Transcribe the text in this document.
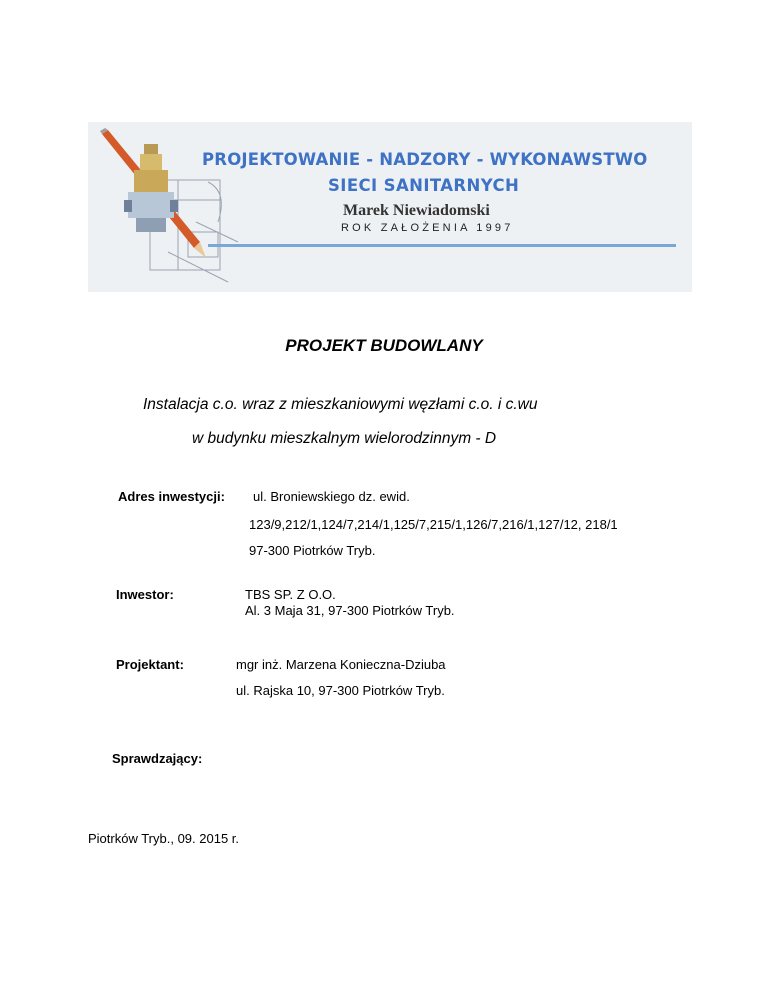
PROJEKTOWANIE - NADZORY - WYKONAWSTWO
SIECI SANITARNYCH
Marek Niewiadomski
ROK ZAŁOŻENIA 1997
PROJEKT BUDOWLANY
Instalacja c.o. wraz z mieszkaniowymi węzłami c.o. i c.wu
w budynku mieszkalnym wielorodzinnym - D
Adres inwestycji: ul. Broniewskiego dz. ewid.
123/9,212/1,124/7,214/1,125/7,215/1,126/7,216/1,127/12, 218/1
97-300 Piotrków Tryb.
Inwestor:	TBS SP. Z O.O.
Al. 3 Maja 31, 97-300 Piotrków Tryb.
Projektant:	mgr inż. Marzena Konieczna-Dziuba
ul. Rajska 10, 97-300 Piotrków Tryb.
Sprawdzający:
Piotrków Tryb., 09. 2015 r.
